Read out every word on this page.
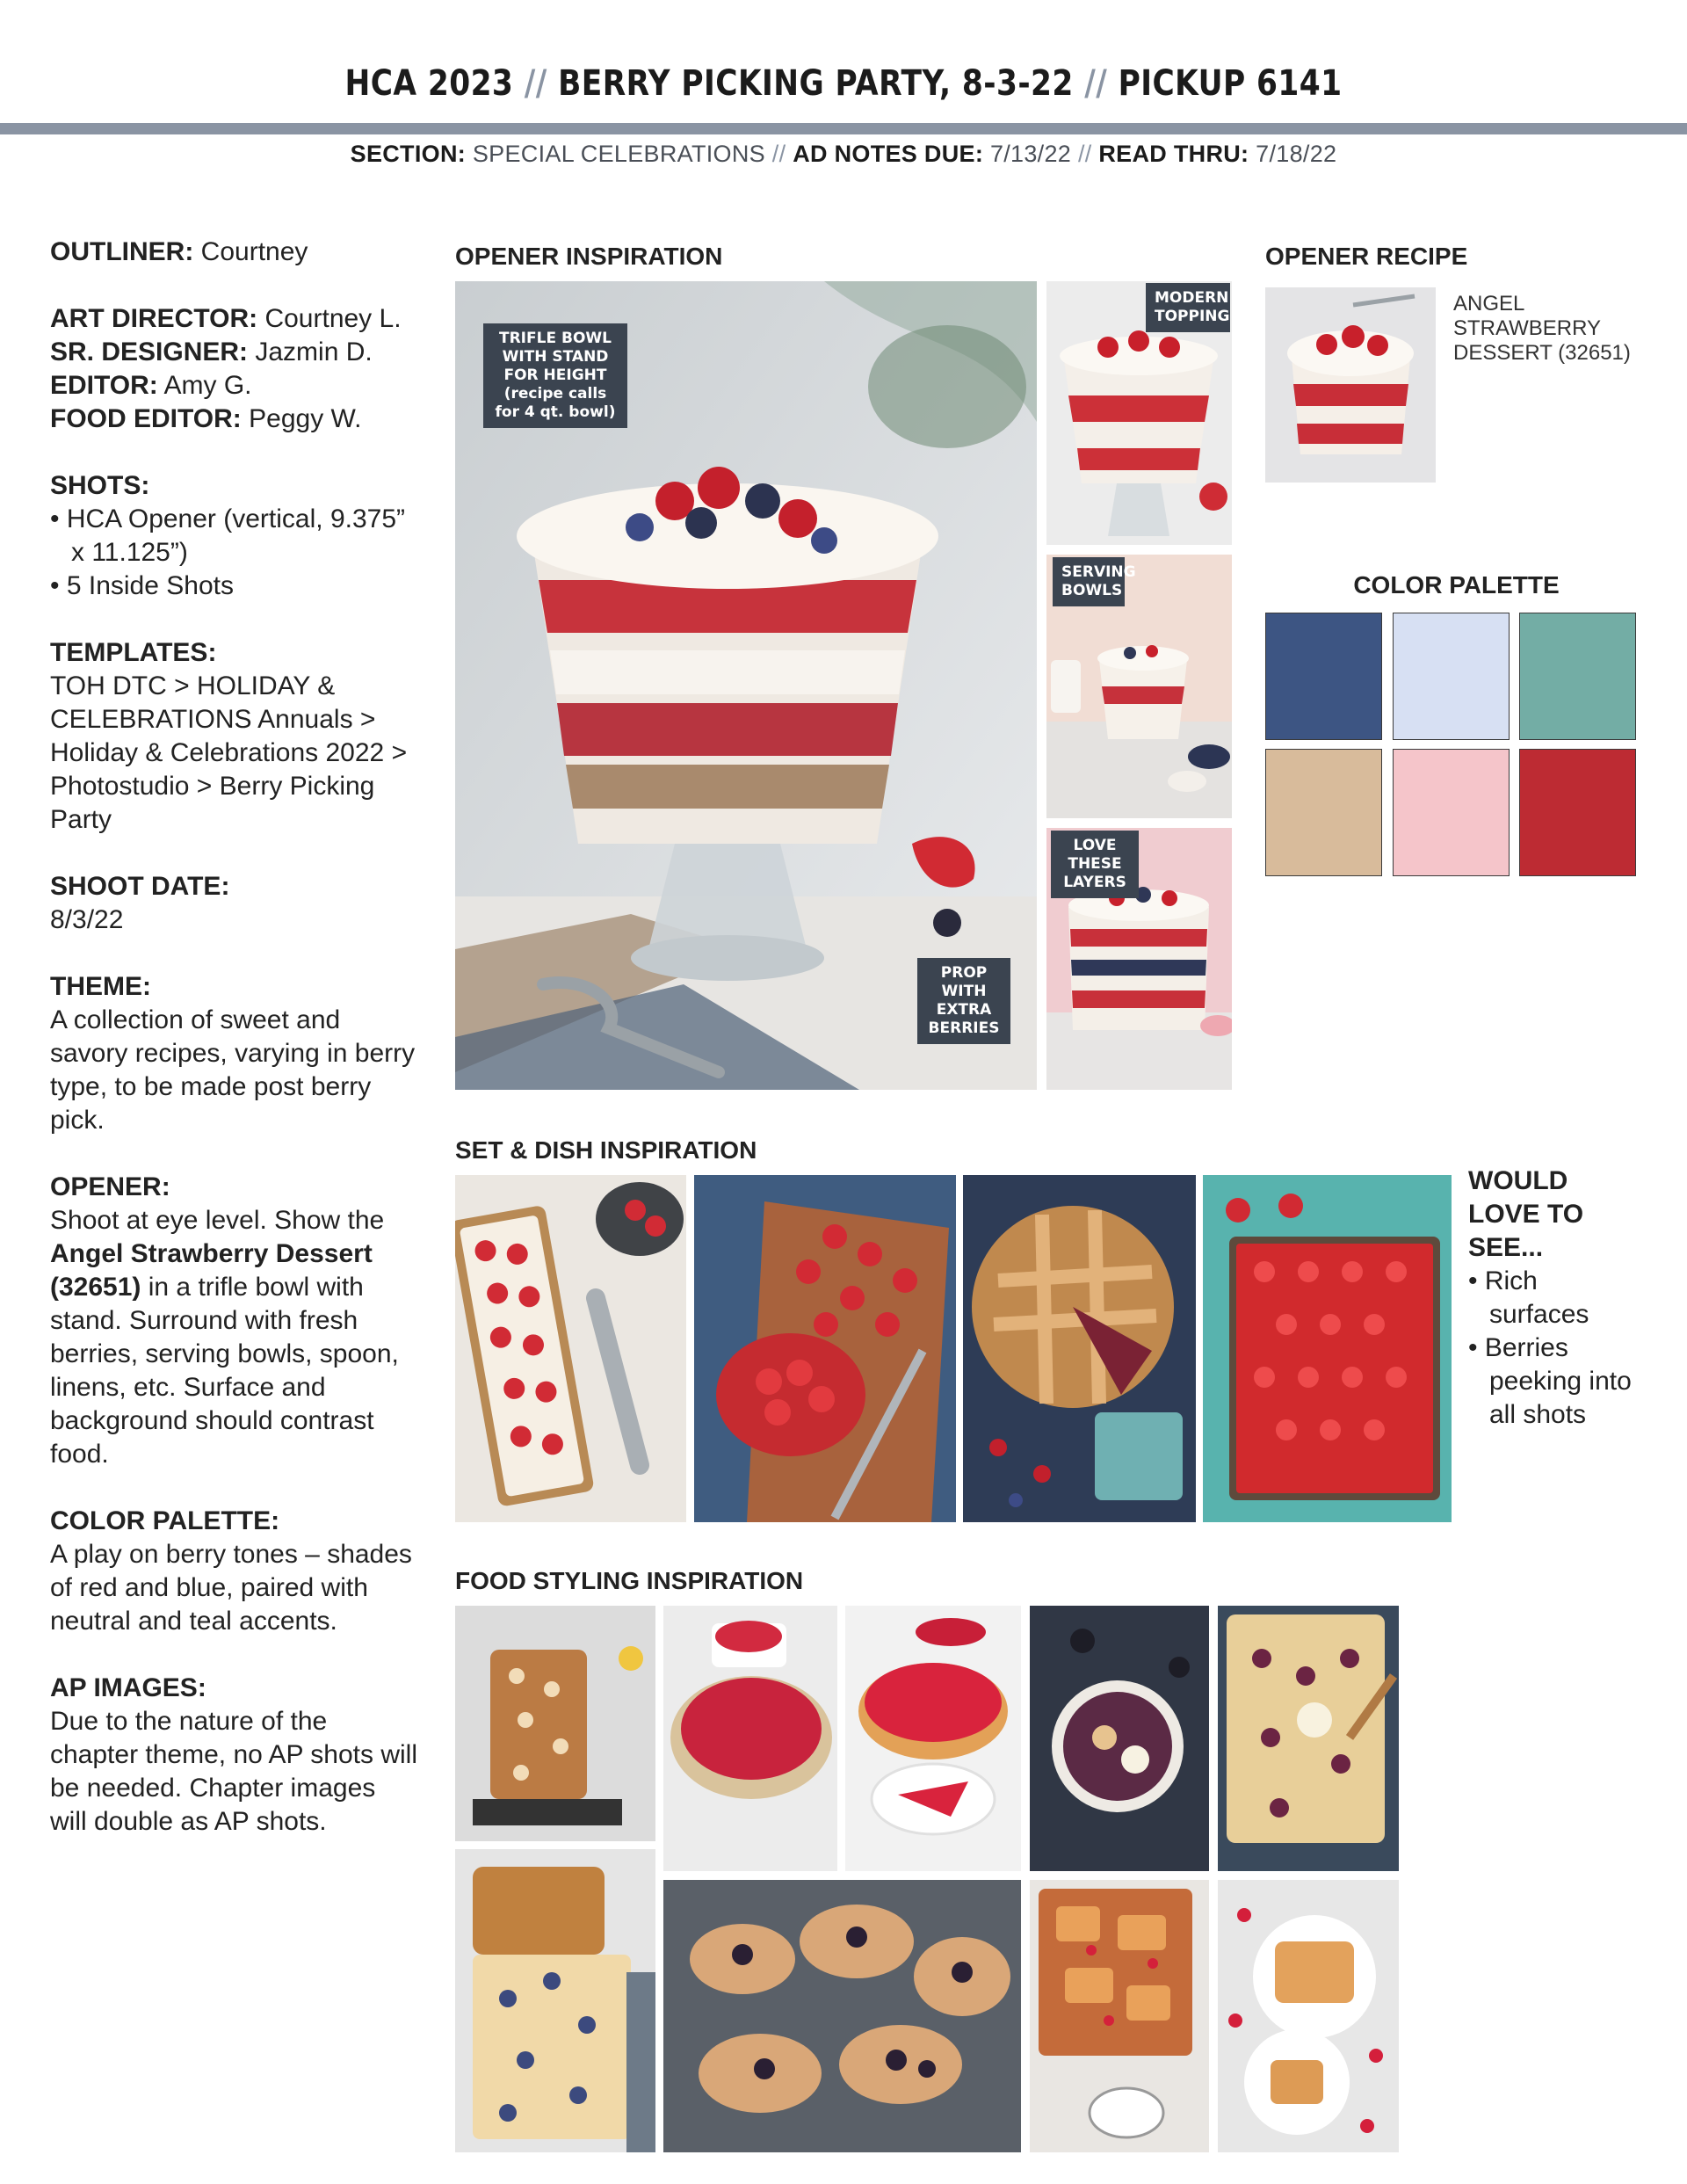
HCA 2023 // BERRY PICKING PARTY, 8-3-22 // PICKUP 6141
SECTION: SPECIAL CELEBRATIONS // AD NOTES DUE: 7/13/22 // READ THRU: 7/18/22
OUTLINER: Courtney
ART DIRECTOR: Courtney L.
SR. DESIGNER: Jazmin D.
EDITOR: Amy G.
FOOD EDITOR: Peggy W.
SHOTS:
• HCA Opener (vertical, 9.375” x 11.125”)
• 5 Inside Shots
TEMPLATES:
TOH DTC > HOLIDAY & CELEBRATIONS Annuals > Holiday & Celebrations 2022 > Photostudio > Berry Picking Party
SHOOT DATE:
8/3/22
THEME:
A collection of sweet and savory recipes, varying in berry type, to be made post berry pick.
OPENER:
Shoot at eye level. Show the Angel Strawberry Dessert (32651) in a trifle bowl with stand. Surround with fresh berries, serving bowls, spoon, linens, etc. Surface and background should contrast food.
COLOR PALETTE:
A play on berry tones – shades of red and blue, paired with neutral and teal accents.
AP IMAGES:
Due to the nature of the chapter theme, no AP shots will be needed. Chapter images will double as AP shots.
OPENER INSPIRATION
TRIFLE BOWL WITH STAND FOR HEIGHT (recipe calls for 4 qt. bowl)
PROP WITH EXTRA BERRIES
MODERN TOPPING
SERVING BOWLS
LOVE THESE LAYERS
OPENER RECIPE
ANGEL STRAWBERRY DESSERT (32651)
COLOR PALETTE
SET & DISH INSPIRATION
WOULD LOVE TO SEE...
• Rich surfaces
• Berries peeking into all shots
FOOD STYLING INSPIRATION
